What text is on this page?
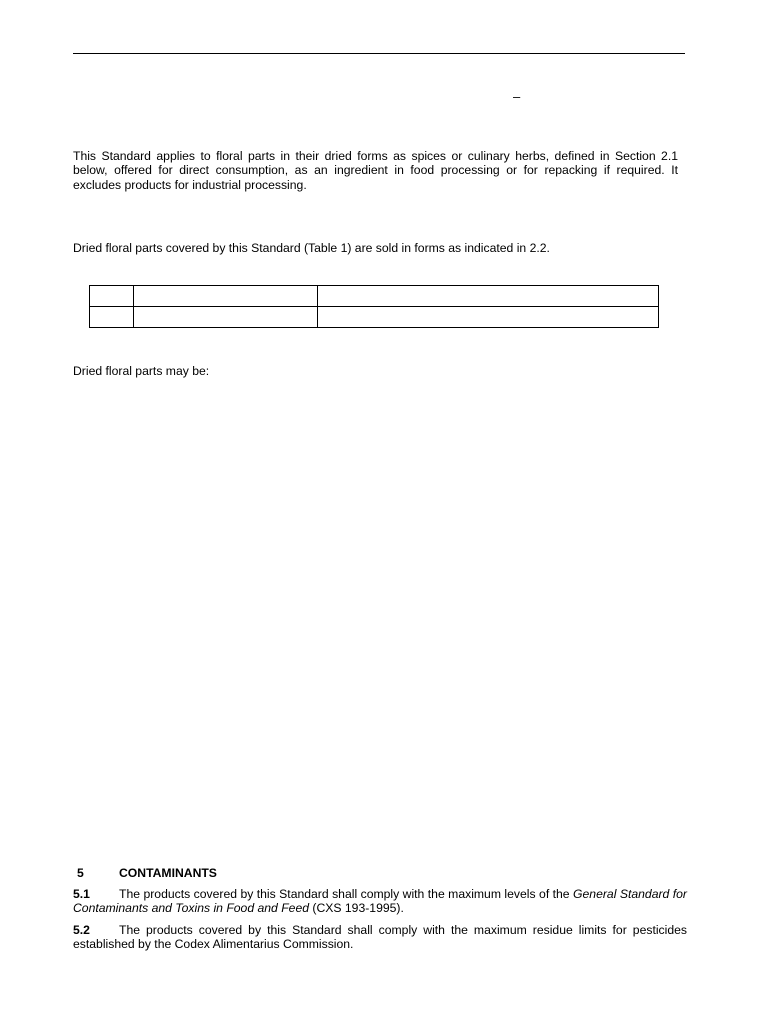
–

This Standard applies to floral parts in their dried forms as spices or culinary herbs, defined in Section 2.1 below, offered for direct consumption, as an ingredient in food processing or for repacking if required. It excludes products for industrial processing.

Dried floral parts covered by this Standard (Table 1) are sold in forms as indicated in 2.2.

Dried floral parts may be:

5	CONTAMINANTS

5.1 The products covered by this Standard shall comply with the maximum levels of the General Standard for Contaminants and Toxins in Food and Feed (CXS 193-1995).

5.2 The products covered by this Standard shall comply with the maximum residue limits for pesticides established by the Codex Alimentarius Commission.
